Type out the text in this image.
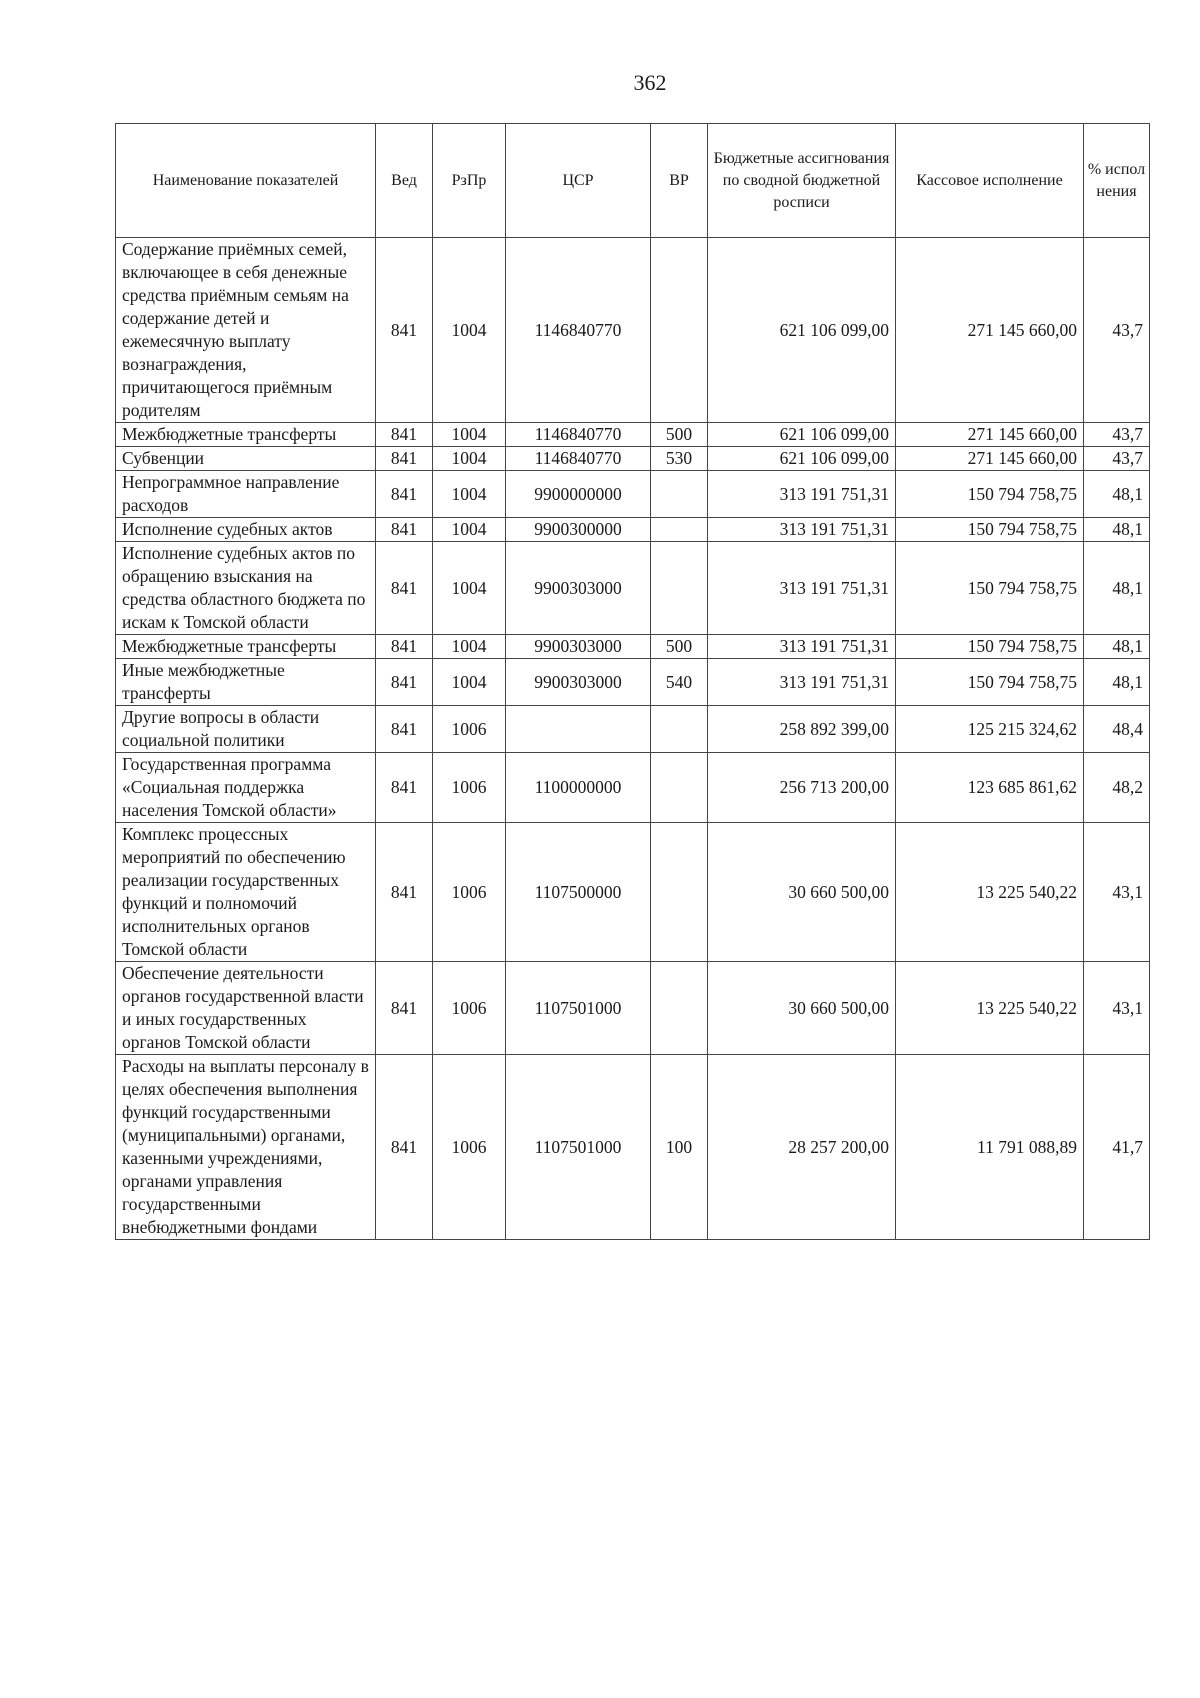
362
Наименование показателей	Вед	РзПр	ЦСР	ВР	Бюджетные ассигнования по сводной бюджетной росписи	Кассовое исполнение	% испол нения
Содержание приёмных семей, включающее в себя денежные средства приёмным семьям на содержание детей и ежемесячную выплату вознаграждения, причитающегося приёмным родителям	841	1004	1146840770		621 106 099,00	271 145 660,00	43,7
Межбюджетные трансферты	841	1004	1146840770	500	621 106 099,00	271 145 660,00	43,7
Субвенции	841	1004	1146840770	530	621 106 099,00	271 145 660,00	43,7
Непрограммное направление расходов	841	1004	9900000000		313 191 751,31	150 794 758,75	48,1
Исполнение судебных актов	841	1004	9900300000		313 191 751,31	150 794 758,75	48,1
Исполнение судебных актов по обращению взыскания на средства областного бюджета по искам к Томской области	841	1004	9900303000		313 191 751,31	150 794 758,75	48,1
Межбюджетные трансферты	841	1004	9900303000	500	313 191 751,31	150 794 758,75	48,1
Иные межбюджетные трансферты	841	1004	9900303000	540	313 191 751,31	150 794 758,75	48,1
Другие вопросы в области социальной политики	841	1006			258 892 399,00	125 215 324,62	48,4
Государственная программа «Социальная поддержка населения Томской области»	841	1006	1100000000		256 713 200,00	123 685 861,62	48,2
Комплекс процессных мероприятий по обеспечению реализации государственных функций и полномочий исполнительных органов Томской области	841	1006	1107500000		30 660 500,00	13 225 540,22	43,1
Обеспечение деятельности органов государственной власти и иных государственных органов Томской области	841	1006	1107501000		30 660 500,00	13 225 540,22	43,1
Расходы на выплаты персоналу в целях обеспечения выполнения функций государственными (муниципальными) органами, казенными учреждениями, органами управления государственными внебюджетными фондами	841	1006	1107501000	100	28 257 200,00	11 791 088,89	41,7
